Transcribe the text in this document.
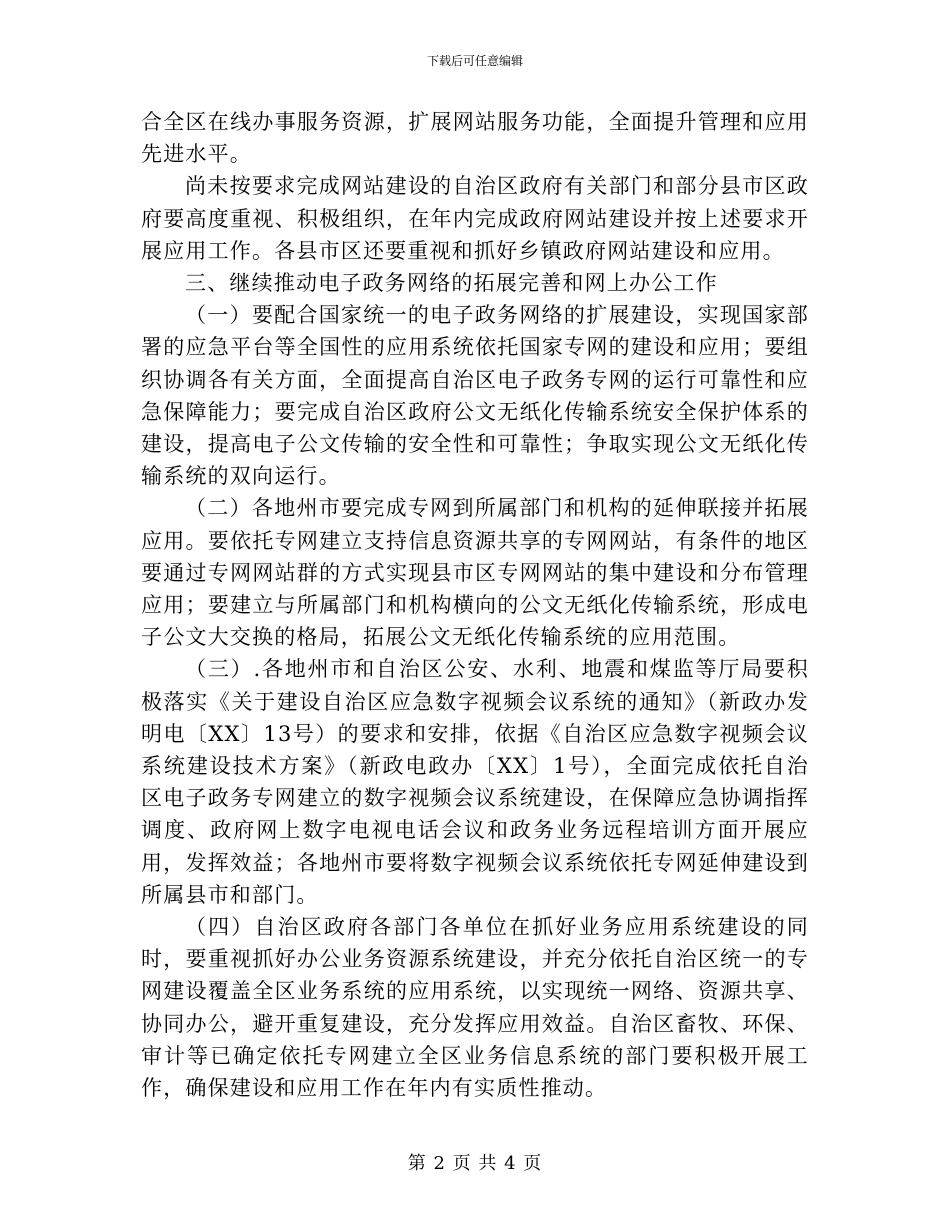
下载后可任意编辑

合全区在线办事服务资源，扩展网站服务功能，全面提升管理和应用先进水平。

尚未按要求完成网站建设的自治区政府有关部门和部分县市区政府要高度重视、积极组织，在年内完成政府网站建设并按上述要求开展应用工作。各县市区还要重视和抓好乡镇政府网站建设和应用。

三、继续推动电子政务网络的拓展完善和网上办公工作

（一）要配合国家统一的电子政务网络的扩展建设，实现国家部署的应急平台等全国性的应用系统依托国家专网的建设和应用；要组织协调各有关方面，全面提高自治区电子政务专网的运行可靠性和应急保障能力；要完成自治区政府公文无纸化传输系统安全保护体系的建设，提高电子公文传输的安全性和可靠性；争取实现公文无纸化传输系统的双向运行。

（二）各地州市要完成专网到所属部门和机构的延伸联接并拓展应用。要依托专网建立支持信息资源共享的专网网站，有条件的地区要通过专网网站群的方式实现县市区专网网站的集中建设和分布管理应用；要建立与所属部门和机构横向的公文无纸化传输系统，形成电子公文大交换的格局，拓展公文无纸化传输系统的应用范围。

（三）.各地州市和自治区公安、水利、地震和煤监等厅局要积极落实《关于建设自治区应急数字视频会议系统的通知》（新政办发明电〔XX〕13号）的要求和安排，依据《自治区应急数字视频会议系统建设技术方案》（新政电政办〔XX〕1号），全面完成依托自治区电子政务专网建立的数字视频会议系统建设，在保障应急协调指挥调度、政府网上数字电视电话会议和政务业务远程培训方面开展应用，发挥效益；各地州市要将数字视频会议系统依托专网延伸建设到所属县市和部门。

（四）自治区政府各部门各单位在抓好业务应用系统建设的同时，要重视抓好办公业务资源系统建设，并充分依托自治区统一的专网建设覆盖全区业务系统的应用系统，以实现统一网络、资源共享、协同办公，避开重复建设，充分发挥应用效益。自治区畜牧、环保、审计等已确定依托专网建立全区业务信息系统的部门要积极开展工作，确保建设和应用工作在年内有实质性推动。

第 2 页 共 4 页
